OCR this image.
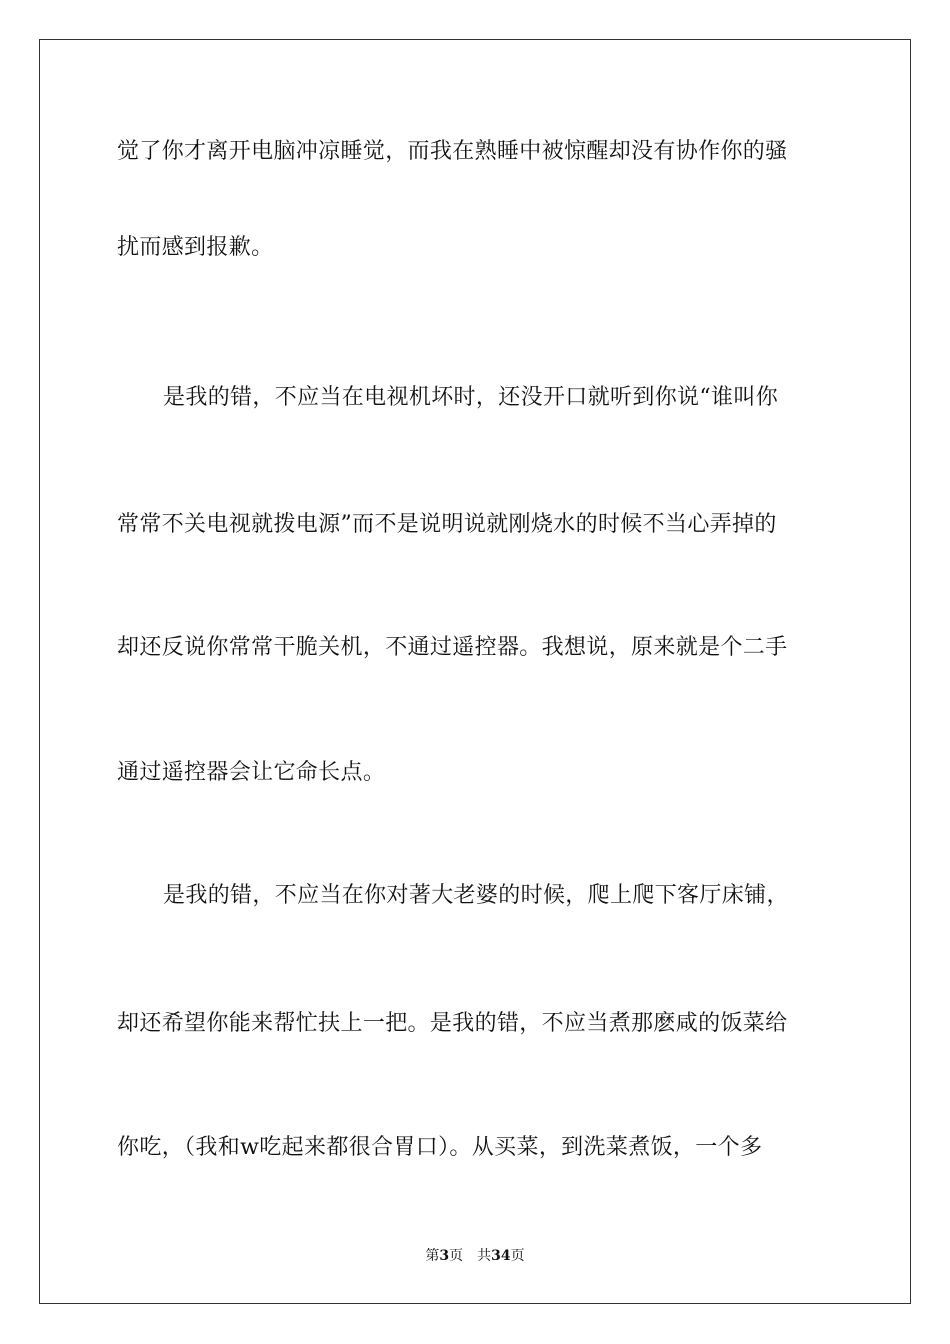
觉了你才离开电脑冲凉睡觉，而我在熟睡中被惊醒却没有协作你的骚
扰而感到报歉。
是我的错，不应当在电视机坏时，还没开口就听到你说“谁叫你
常常不关电视就拨电源”而不是说明说就刚烧水的时候不当心弄掉的
却还反说你常常干脆关机，不通过遥控器。我想说，原来就是个二手
通过遥控器会让它命长点。
是我的错，不应当在你对著大老婆的时候，爬上爬下客厅床铺，
却还希望你能来帮忙扶上一把。是我的错，不应当煮那麽咸的饭菜给
你吃，（我和w吃起来都很合胃口）。从买菜，到洗菜煮饭，一个多
第3页 共34页
